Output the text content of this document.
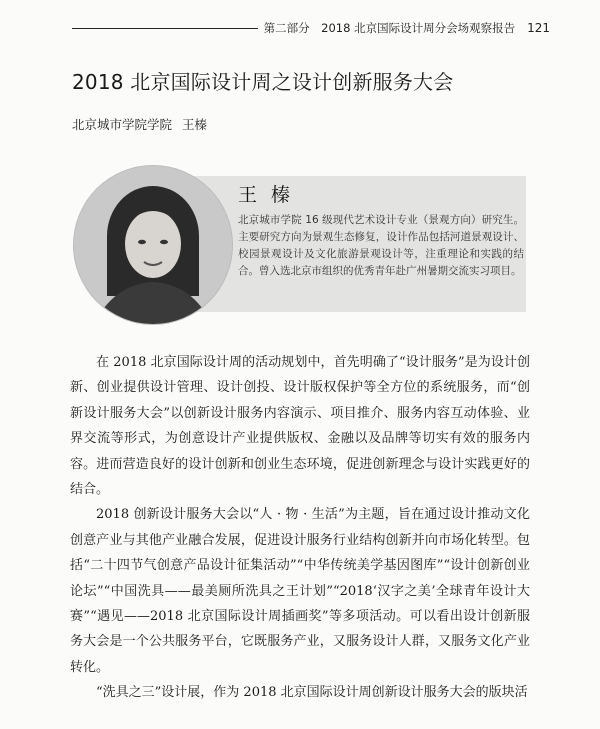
第二部分　2018 北京国际设计周分会场观察报告 121
2018 北京国际设计周之设计创新服务大会
北京城市学院学院 王榛
王榛
北京城市学院 16 级现代艺术设计专业（景观方向）研究生。主要研究方向为景观生态修复，设计作品包括河道景观设计、校园景观设计及文化旅游景观设计等，注重理论和实践的结合。曾入选北京市组织的优秀青年赴广州暑期交流实习项目。

在 2018 北京国际设计周的活动规划中，首先明确了“设计服务”是为设计创新、创业提供设计管理、设计创投、设计版权保护等全方位的系统服务，而“创新设计服务大会”以创新设计服务内容演示、项目推介、服务内容互动体验、业界交流等形式，为创意设计产业提供版权、金融以及品牌等切实有效的服务内容。进而营造良好的设计创新和创业生态环境，促进创新理念与设计实践更好的结合。

2018 创新设计服务大会以“人 · 物 · 生活”为主题，旨在通过设计推动文化创意产业与其他产业融合发展，促进设计服务行业结构创新并向市场化转型。包括“二十四节气创意产品设计征集活动”“中华传统美学基因图库”“设计创新创业论坛”“中国洗具——最美厕所洗具之王计划”“2018‘汉字之美’全球青年设计大赛”“遇见——2018 北京国际设计周插画奖”等多项活动。可以看出设计创新服务大会是一个公共服务平台，它既服务产业，又服务设计人群，又服务文化产业转化。

“洗具之三”设计展，作为 2018 北京国际设计周创新设计服务大会的版块活
